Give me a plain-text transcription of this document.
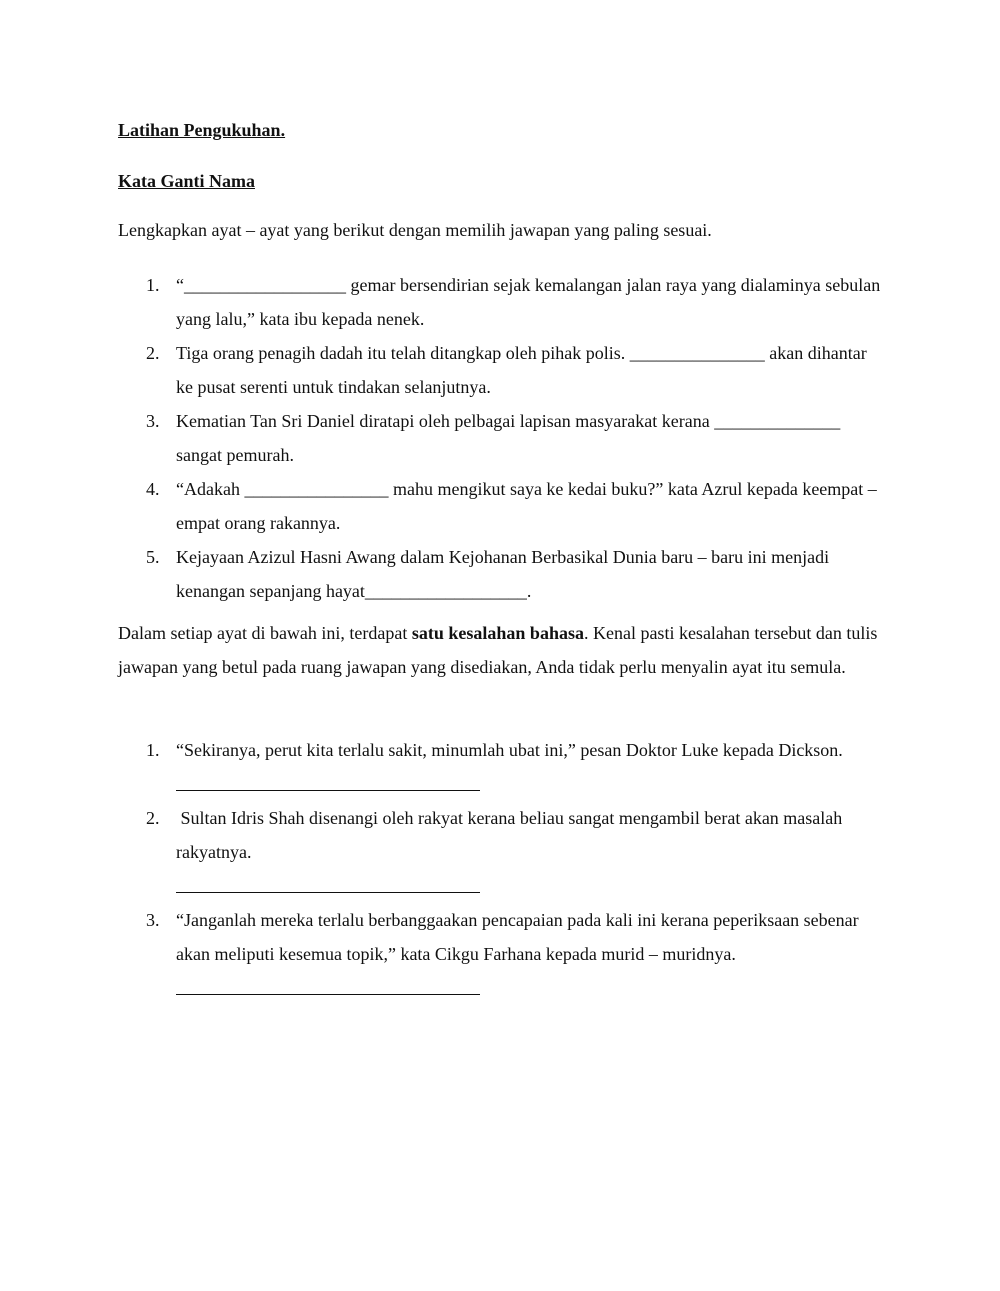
Latihan Pengukuhan.
Kata Ganti Nama
Lengkapkan ayat – ayat yang berikut dengan memilih jawapan yang paling sesuai.
1. “__________________ gemar bersendirian sejak kemalangan jalan raya yang dialaminya sebulan yang lalu,” kata ibu kepada nenek.
2. Tiga orang penagih dadah itu telah ditangkap oleh pihak polis. _______________ akan dihantar ke pusat serenti untuk tindakan selanjutnya.
3. Kematian Tan Sri Daniel diratapi oleh pelbagai lapisan masyarakat kerana ______________ sangat pemurah.
4. “Adakah ________________ mahu mengikut saya ke kedai buku?” kata Azrul kepada keempat – empat orang rakannya.
5. Kejayaan Azizul Hasni Awang dalam Kejohanan Berbasikal Dunia baru – baru ini menjadi kenangan sepanjang hayat__________________.
Dalam setiap ayat di bawah ini, terdapat satu kesalahan bahasa. Kenal pasti kesalahan tersebut dan tulis jawapan yang betul pada ruang jawapan yang disediakan, Anda tidak perlu menyalin ayat itu semula.
1. “Sekiranya, perut kita terlalu sakit, minumlah ubat ini,” pesan Doktor Luke kepada Dickson.
2. Sultan Idris Shah disenangi oleh rakyat kerana beliau sangat mengambil berat akan masalah rakyatnya.
3. “Janganlah mereka terlalu berbanggaakan pencapaian pada kali ini kerana peperiksaan sebenar akan meliputi kesemua topik,” kata Cikgu Farhana kepada murid – muridnya.
